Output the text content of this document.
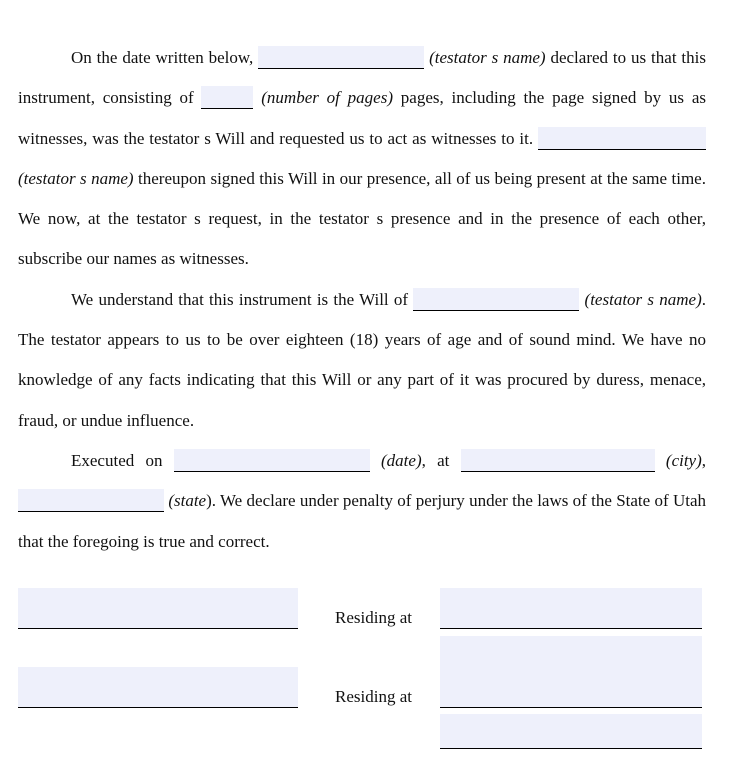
On the date written below,	(testator s name) declared to us that this instrument, consisting of	(number of pages) pages, including the page signed by us as witnesses, was the testator s Will and requested us to act as witnesses to it.  (testator s name) thereupon signed this Will in our presence, all of us being present at the same time. We now, at the testator s request, in the testator s presence and in the presence of each other, subscribe our names as witnesses.

We understand that this instrument is the Will of	(testator s name). The testator appears to us to be over eighteen (18) years of age and of sound mind. We have no knowledge of any facts indicating that this Will or any part of it was procured by duress, menace, fraud, or undue influence.

Executed on	(date), at	(city),  (state). We declare under penalty of perjury under the laws of the State of Utah that the foregoing is true and correct.

Residing at
Residing at
